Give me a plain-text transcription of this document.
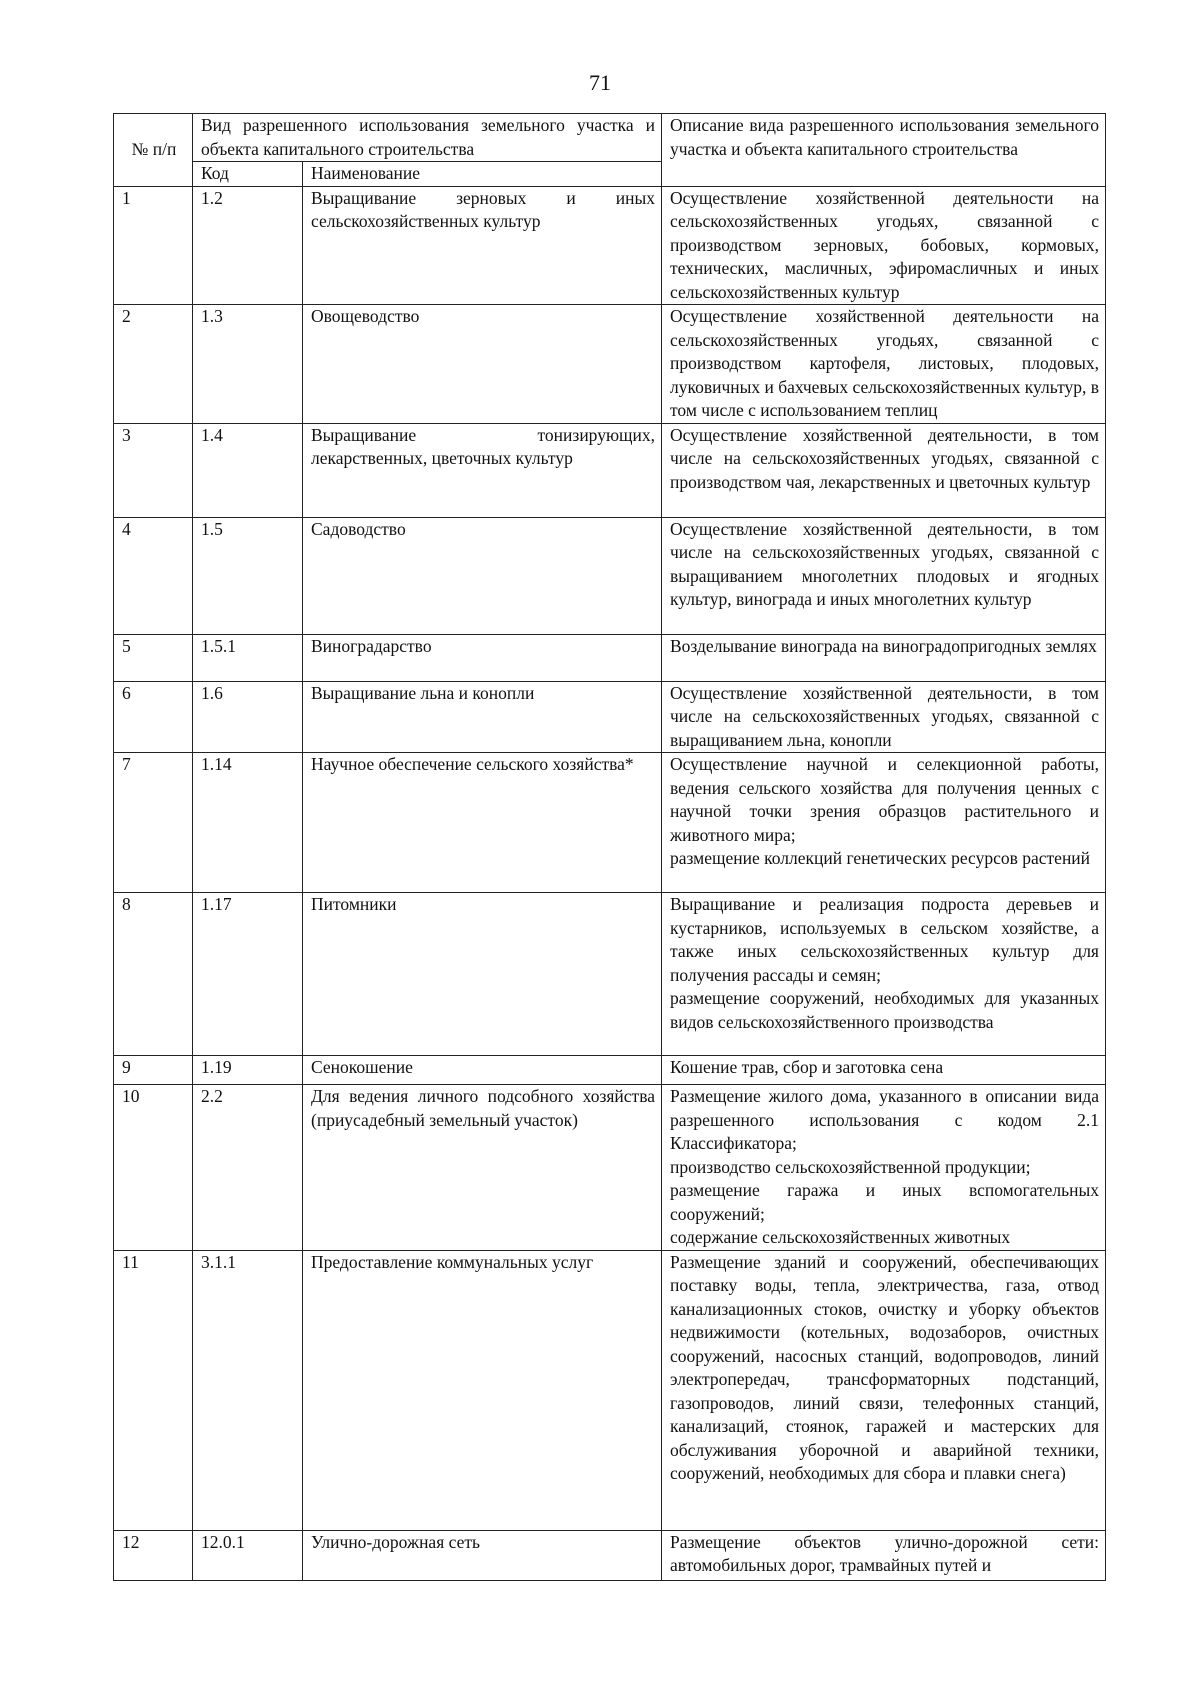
71
№ п/п	Вид разрешенного использования земельного участка и объекта капитального строительства		Описание вида разрешенного использования земельного участка и объекта капитального строительства
	Код	Наименование	
1	1.2	Выращивание зерновых и иных сельскохозяйственных культур	Осуществление хозяйственной деятельности на сельскохозяйственных угодьях, связанной с производством зерновых, бобовых, кормовых, технических, масличных, эфиромасличных и иных сельскохозяйственных культур
2	1.3	Овощеводство	Осуществление хозяйственной деятельности на сельскохозяйственных угодьях, связанной с производством картофеля, листовых, плодовых, луковичных и бахчевых сельскохозяйственных культур, в том числе с использованием теплиц
3	1.4	Выращивание тонизирующих, лекарственных, цветочных культур	Осуществление хозяйственной деятельности, в том числе на сельскохозяйственных угодьях, связанной с производством чая, лекарственных и цветочных культур
4	1.5	Садоводство	Осуществление хозяйственной деятельности, в том числе на сельскохозяйственных угодьях, связанной с выращиванием многолетних плодовых и ягодных культур, винограда и иных многолетних культур
5	1.5.1	Виноградарство	Возделывание винограда на виноградопригодных землях
6	1.6	Выращивание льна и конопли	Осуществление хозяйственной деятельности, в том числе на сельскохозяйственных угодьях, связанной с выращиванием льна, конопли
7	1.14	Научное обеспечение сельского хозяйства*	Осуществление научной и селекционной работы, ведения сельского хозяйства для получения ценных с научной точки зрения образцов растительного и животного мира;
размещение коллекций генетических ресурсов растений

8	1.17	Питомники	Выращивание и реализация подроста деревьев и кустарников, используемых в сельском хозяйстве, а также иных сельскохозяйственных культур для получения рассады и семян;
размещение сооружений, необходимых для указанных видов сельскохозяйственного производства

9	1.19	Сенокошение	Кошение трав, сбор и заготовка сена
10	2.2	Для ведения личного подсобного хозяйства (приусадебный земельный участок)	Размещение жилого дома, указанного в описании вида разрешенного использования с кодом 2.1 Классификатора;
производство сельскохозяйственной продукции;
размещение гаража и иных вспомогательных сооружений;
содержание сельскохозяйственных животных

11	3.1.1	Предоставление коммунальных услуг	Размещение зданий и сооружений, обеспечивающих поставку воды, тепла, электричества, газа, отвод канализационных стоков, очистку и уборку объектов недвижимости (котельных, водозаборов, очистных сооружений, насосных станций, водопроводов, линий электропередач, трансформаторных подстанций, газопроводов, линий связи, телефонных станций, канализаций, стоянок, гаражей и мастерских для обслуживания уборочной и аварийной техники, сооружений, необходимых для сбора и плавки снега)
12	12.0.1	Улично-дорожная сеть	Размещение объектов улично-дорожной сети: автомобильных дорог, трамвайных путей и
